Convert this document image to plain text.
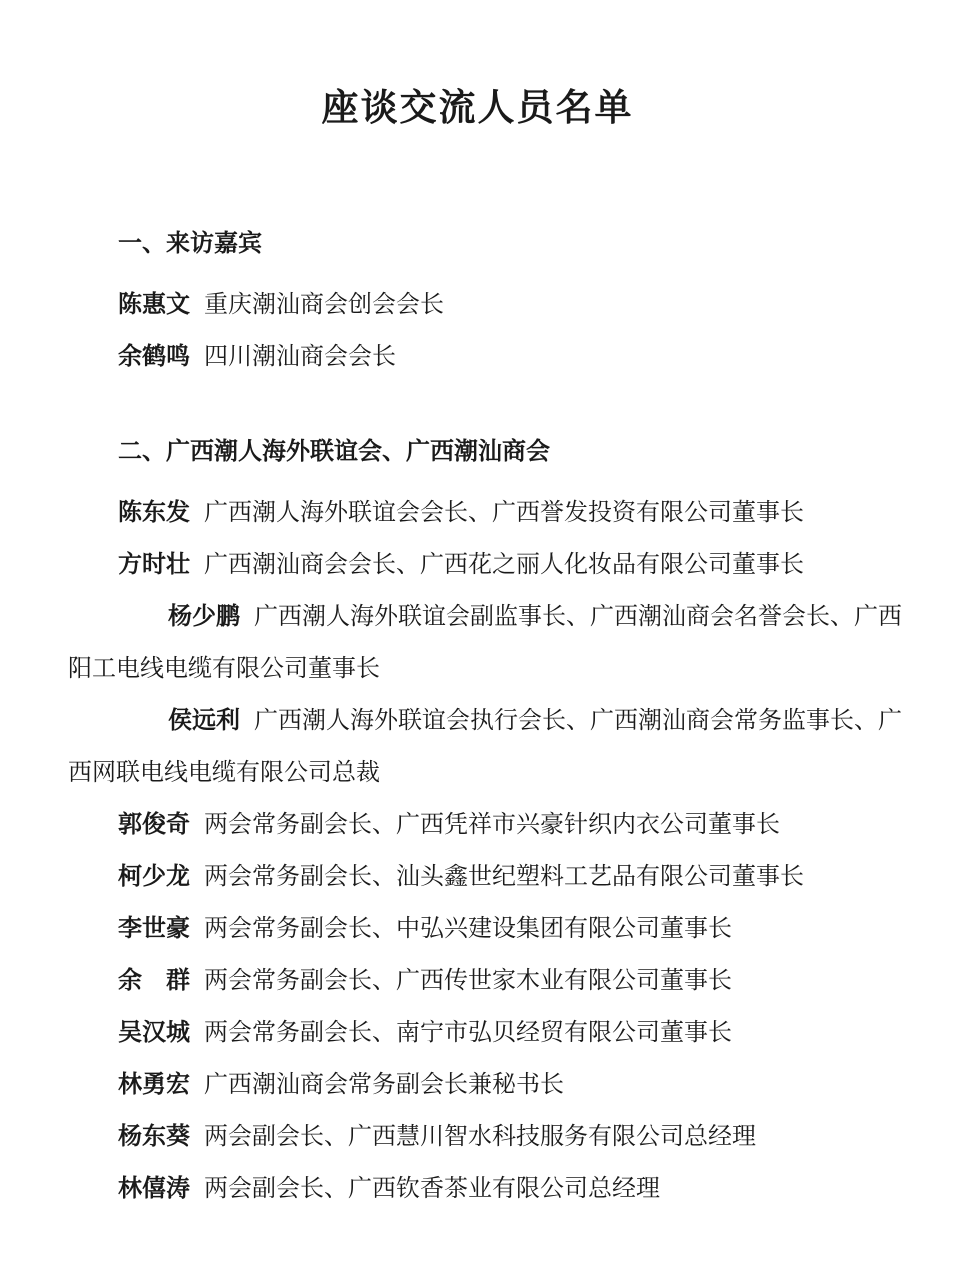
座谈交流人员名单
一、来访嘉宾
陈惠文 重庆潮汕商会创会会长
余鹤鸣 四川潮汕商会会长
二、广西潮人海外联谊会、广西潮汕商会
陈东发 广西潮人海外联谊会会长、广西誉发投资有限公司董事长
方时壮 广西潮汕商会会长、广西花之丽人化妆品有限公司董事长
杨少鹏 广西潮人海外联谊会副监事长、广西潮汕商会名誉会长、广西阳工电线电缆有限公司董事长
侯远利 广西潮人海外联谊会执行会长、广西潮汕商会常务监事长、广西网联电线电缆有限公司总裁
郭俊奇 两会常务副会长、广西凭祥市兴豪针织内衣公司董事长
柯少龙 两会常务副会长、汕头鑫世纪塑料工艺品有限公司董事长
李世豪 两会常务副会长、中弘兴建设集团有限公司董事长
余　群 两会常务副会长、广西传世家木业有限公司董事长
吴汉城 两会常务副会长、南宁市弘贝经贸有限公司董事长
林勇宏 广西潮汕商会常务副会长兼秘书长
杨东葵 两会副会长、广西慧川智水科技服务有限公司总经理
林僖涛 两会副会长、广西钦香茶业有限公司总经理
